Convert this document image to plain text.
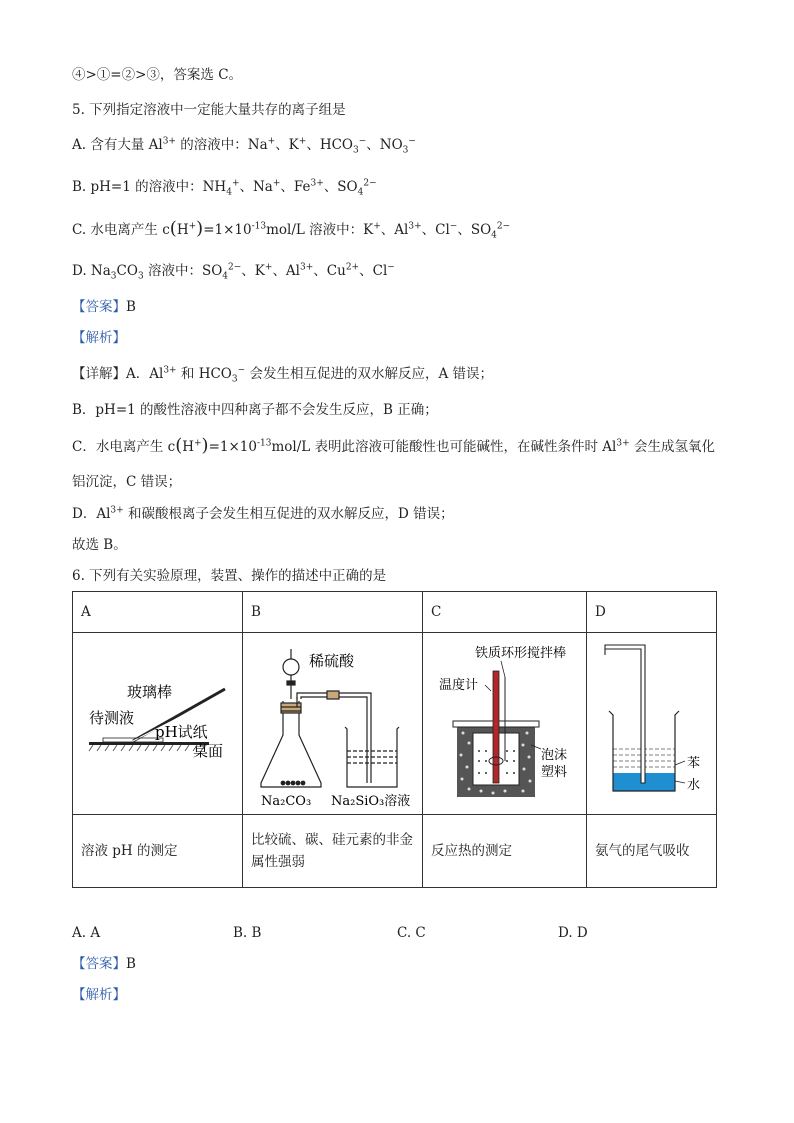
④>①=②>③，答案选 C。
5. 下列指定溶液中一定能大量共存的离子组是
A. 含有大量 $Al^{3+}$ 的溶液中：Na+、K+、$HCO_3^-$、$NO_3^-$
B. pH=1 的溶液中：$NH_4^+$、Na+、$Fe^{3+}$、$SO_4^{2-}$
C. 水电离产生 $c(H^+)=1\times 10^{-13}mol/L$ 溶液中：K+、$Al^{3+}$、Cl−、$SO_4^{2-}$
D. $Na_3CO_3$ 溶液中：$SO_4^{2-}$、K+、$Al^{3+}$、$Cu^{2+}$、Cl−
【答案】B
【解析】
【详解】A．$Al^{3+}$ 和 $HCO_3^-$ 会发生相互促进的双水解反应，A 错误；
B．pH=1 的酸性溶液中四种离子都不会发生反应，B 正确；
C．水电离产生 $c(H^+)=1\times 10^{-13}mol/L$ 表明此溶液可能酸性也可能碱性，在碱性条件时 $Al^{3+}$ 会生成氢氧化
铝沉淀，C 错误；
D．$Al^{3+}$ 和碳酸根离子会发生相互促进的双水解反应，D 错误；
故选 B。
6. 下列有关实验原理，装置、操作的描述中正确的是
A	B	C	D

玻璃棒
待测液
pH试纸
桌面	稀硫酸
Na₂CO₃ Na₂SiO₃溶液	铁质环形搅拌棒
温度计
泡沫
塑料	苯
水

溶液 pH 的测定	比较硫、碳、硅元素的非金属性强弱	反应热的测定	氨气的尾气吸收
A. A	B. B	C. C	D. D
【答案】B
【解析】
